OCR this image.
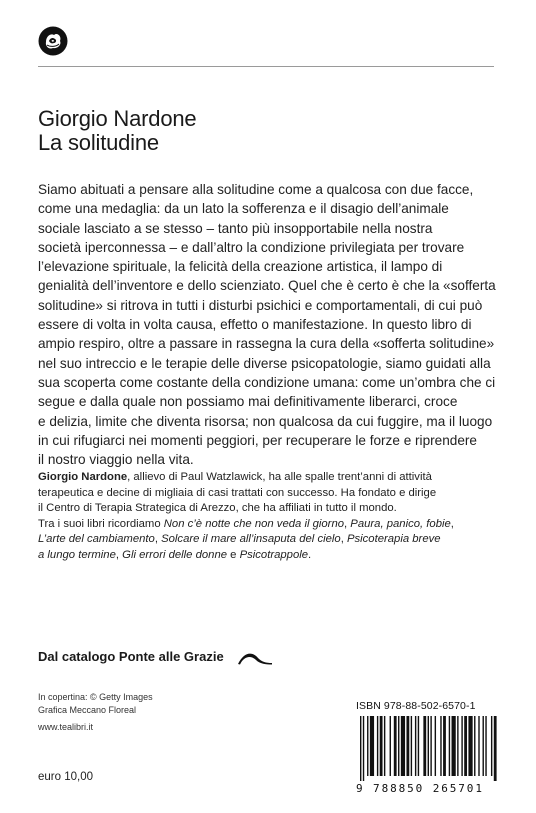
Giorgio Nardone
La solitudine
Siamo abituati a pensare alla solitudine come a qualcosa con due facce,
come una medaglia: da un lato la sofferenza e il disagio dell’animale
sociale lasciato a se stesso – tanto più insopportabile nella nostra
società iperconnessa – e dall’altro la condizione privilegiata per trovare
l’elevazione spirituale, la felicità della creazione artistica, il lampo di
genialità dell’inventore e dello scienziato. Quel che è certo è che la «sofferta
solitudine» si ritrova in tutti i disturbi psichici e comportamentali, di cui può
essere di volta in volta causa, effetto o manifestazione. In questo libro di
ampio respiro, oltre a passare in rassegna la cura della «sofferta solitudine»
nel suo intreccio e le terapie delle diverse psicopatologie, siamo guidati alla
sua scoperta come costante della condizione umana: come un’ombra che ci
segue e dalla quale non possiamo mai definitivamente liberarci, croce
e delizia, limite che diventa risorsa; non qualcosa da cui fuggire, ma il luogo
in cui rifugiarci nei momenti peggiori, per recuperare le forze e riprendere
il nostro viaggio nella vita.
Giorgio Nardone, allievo di Paul Watzlawick, ha alle spalle trent’anni di attività
terapeutica e decine di migliaia di casi trattati con successo. Ha fondato e dirige
il Centro di Terapia Strategica di Arezzo, che ha affiliati in tutto il mondo.
Tra i suoi libri ricordiamo Non c’è notte che non veda il giorno, Paura, panico, fobie,
L’arte del cambiamento, Solcare il mare all’insaputa del cielo, Psicoterapia breve
a lungo termine, Gli errori delle donne e Psicotrappole.
Dal catalogo Ponte alle Grazie
In copertina: © Getty Images
Grafica Meccano Floreal
www.tealibri.it
euro 10,00
ISBN 978-88-502-6570-1
9 788850 265701
